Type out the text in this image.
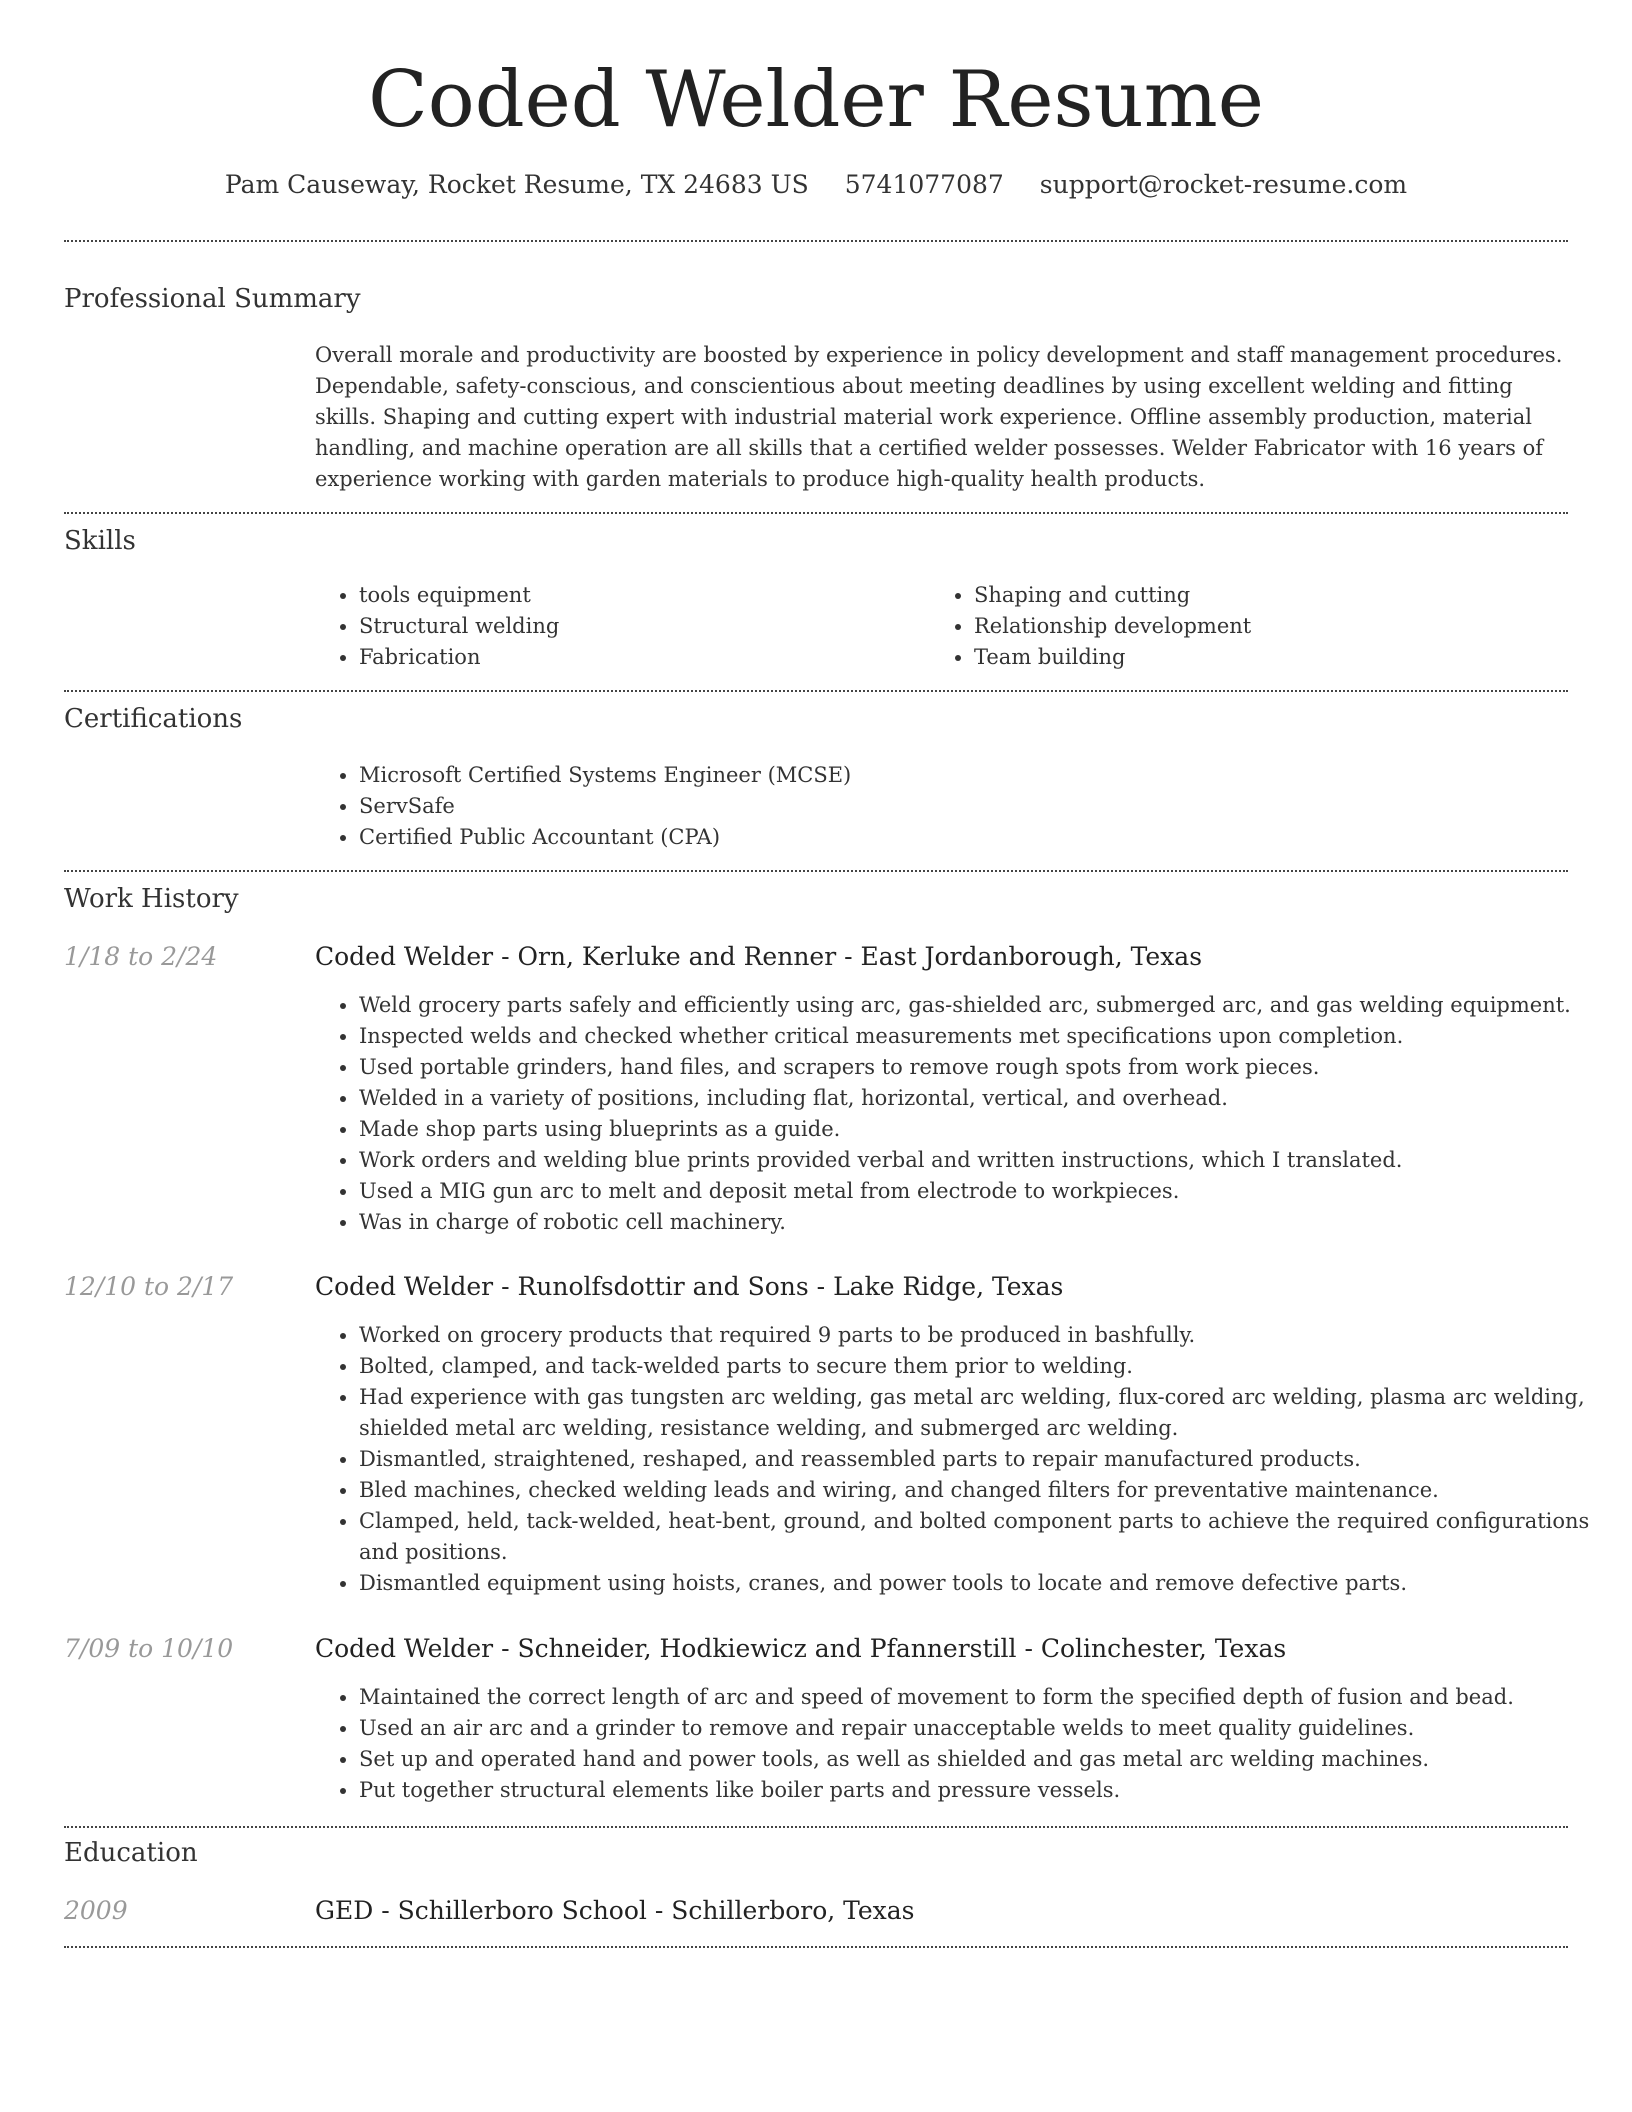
Coded Welder Resume
Pam Causeway, Rocket Resume, TX 24683 US 5741077087 support@rocket-resume.com
Professional Summary
Overall morale and productivity are boosted by experience in policy development and staff management procedures. Dependable, safety-conscious, and conscientious about meeting deadlines by using excellent welding and fitting skills. Shaping and cutting expert with industrial material work experience. Offline assembly production, material handling, and machine operation are all skills that a certified welder possesses. Welder Fabricator with 16 years of experience working with garden materials to produce high-quality health products.
Skills
• tools equipment
• Structural welding
• Fabrication
• Shaping and cutting
• Relationship development
• Team building
Certifications
• Microsoft Certified Systems Engineer (MCSE)
• ServSafe
• Certified Public Accountant (CPA)
Work History
1/18 to 2/24	Coded Welder - Orn, Kerluke and Renner - East Jordanborough, Texas
• Weld grocery parts safely and efficiently using arc, gas-shielded arc, submerged arc, and gas welding equipment.
• Inspected welds and checked whether critical measurements met specifications upon completion.
• Used portable grinders, hand files, and scrapers to remove rough spots from work pieces.
• Welded in a variety of positions, including flat, horizontal, vertical, and overhead.
• Made shop parts using blueprints as a guide.
• Work orders and welding blue prints provided verbal and written instructions, which I translated.
• Used a MIG gun arc to melt and deposit metal from electrode to workpieces.
• Was in charge of robotic cell machinery.
12/10 to 2/17	Coded Welder - Runolfsdottir and Sons - Lake Ridge, Texas
• Worked on grocery products that required 9 parts to be produced in bashfully.
• Bolted, clamped, and tack-welded parts to secure them prior to welding.
• Had experience with gas tungsten arc welding, gas metal arc welding, flux-cored arc welding, plasma arc welding, shielded metal arc welding, resistance welding, and submerged arc welding.
• Dismantled, straightened, reshaped, and reassembled parts to repair manufactured products.
• Bled machines, checked welding leads and wiring, and changed filters for preventative maintenance.
• Clamped, held, tack-welded, heat-bent, ground, and bolted component parts to achieve the required configurations and positions.
• Dismantled equipment using hoists, cranes, and power tools to locate and remove defective parts.
7/09 to 10/10	Coded Welder - Schneider, Hodkiewicz and Pfannerstill - Colinchester, Texas
• Maintained the correct length of arc and speed of movement to form the specified depth of fusion and bead.
• Used an air arc and a grinder to remove and repair unacceptable welds to meet quality guidelines.
• Set up and operated hand and power tools, as well as shielded and gas metal arc welding machines.
• Put together structural elements like boiler parts and pressure vessels.
Education
2009	GED - Schillerboro School - Schillerboro, Texas
